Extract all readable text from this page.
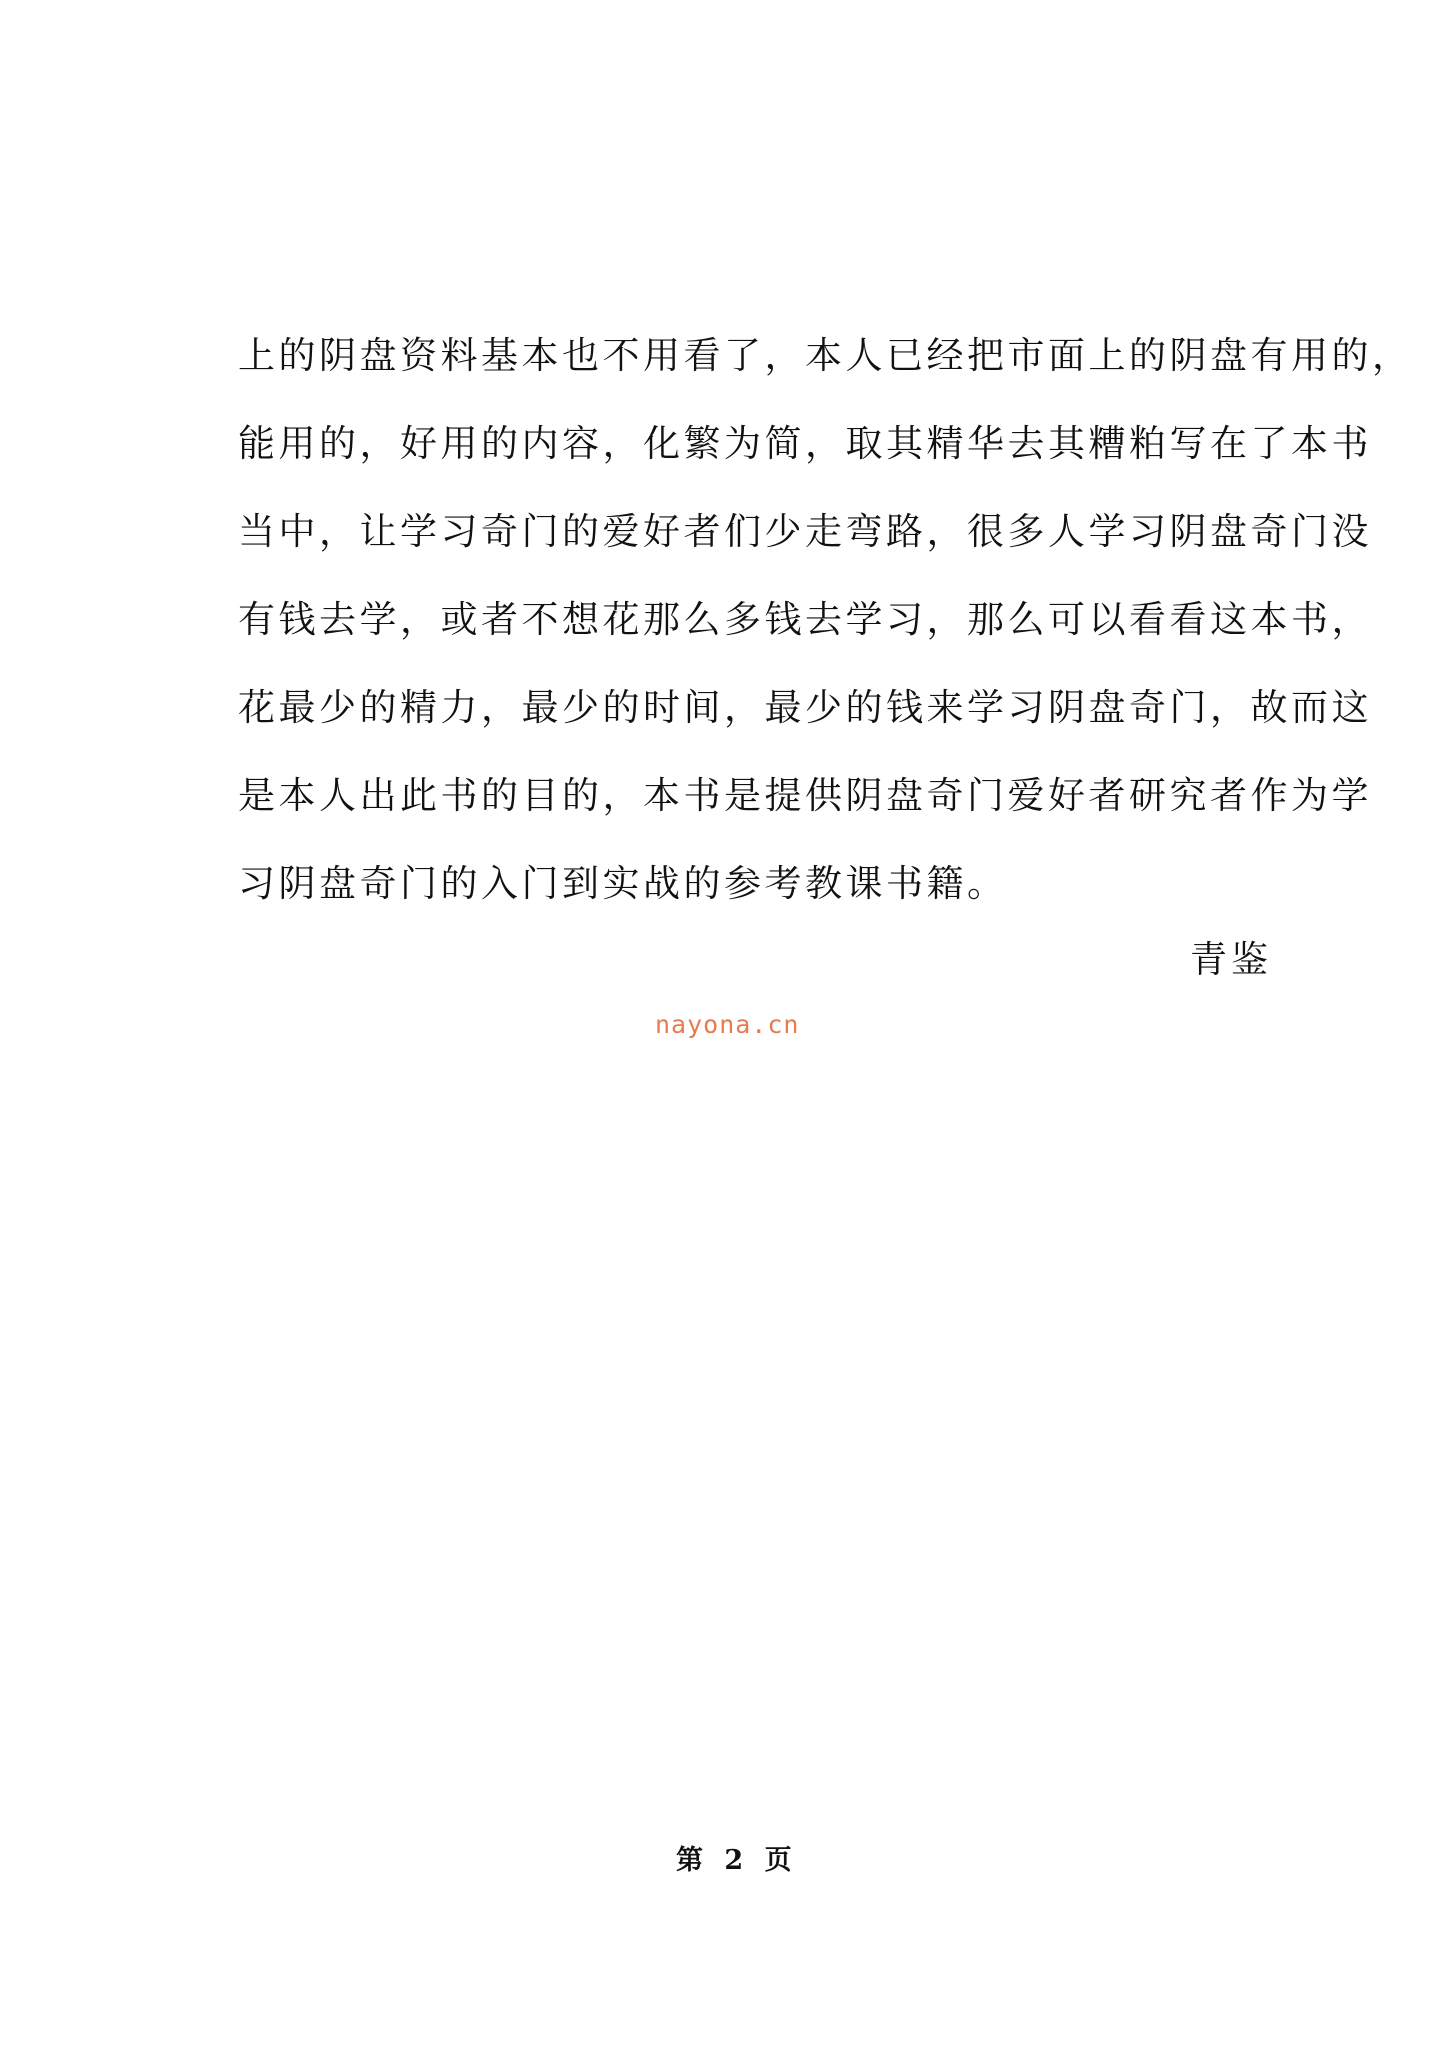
上的阴盘资料基本也不用看了，本人已经把市面上的阴盘有用的，
能用的，好用的内容，化繁为简，取其精华去其糟粕写在了本书
当中，让学习奇门的爱好者们少走弯路，很多人学习阴盘奇门没
有钱去学，或者不想花那么多钱去学习，那么可以看看这本书，
花最少的精力，最少的时间，最少的钱来学习阴盘奇门，故而这
是本人出此书的目的，本书是提供阴盘奇门爱好者研究者作为学
习阴盘奇门的入门到实战的参考教课书籍。
青鉴
nayona.cn
第 2 页
